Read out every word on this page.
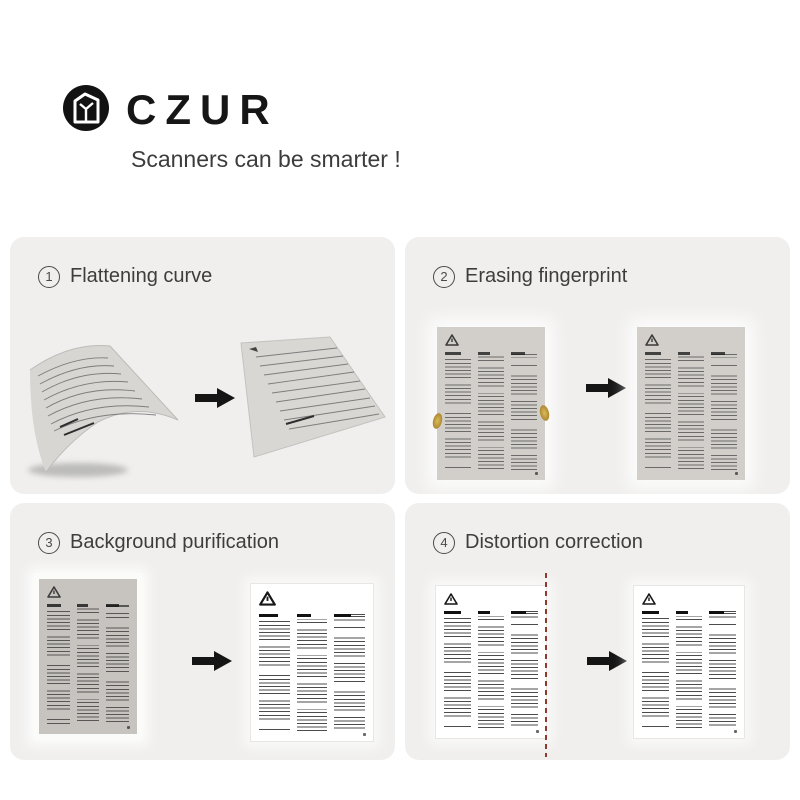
CZUR
Scanners can be smarter !
1 Flattening curve	2 Erasing fingerprint
3 Background purification	4 Distortion correction
